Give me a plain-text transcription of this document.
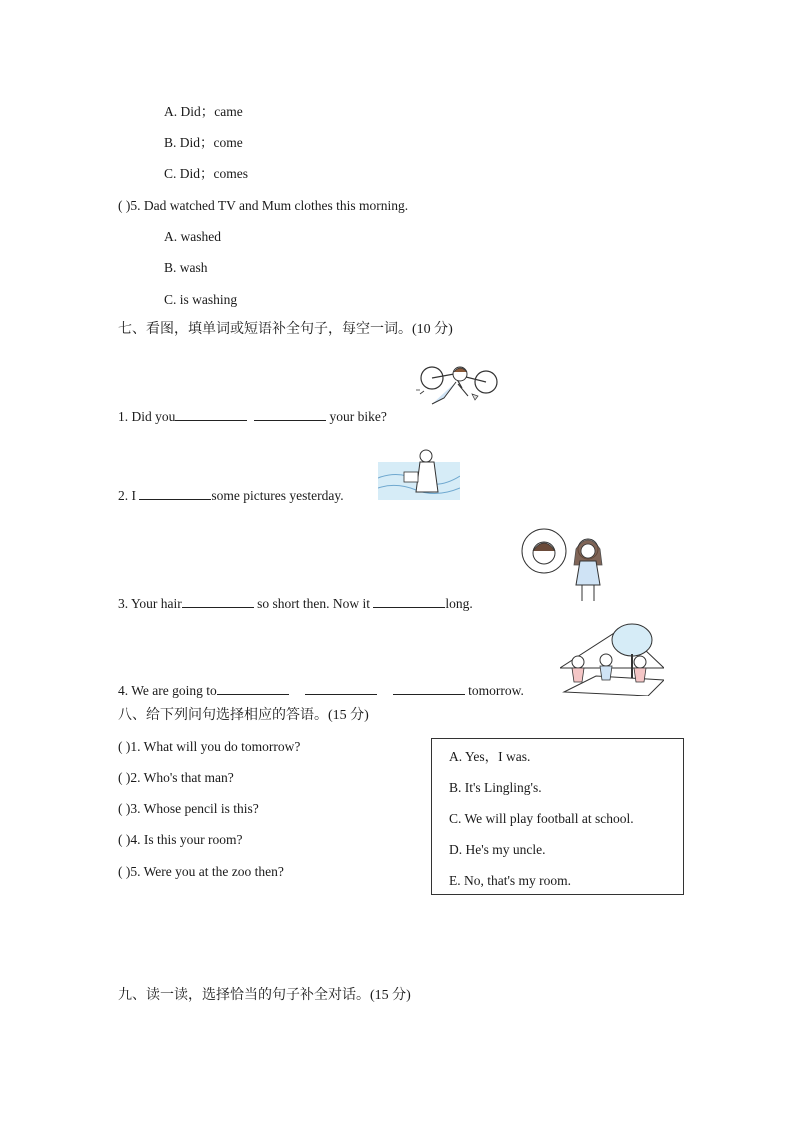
A. Did；came
B. Did；come
C. Did；comes
( )5. Dad watched TV and Mum clothes this morning.
A. washed
B. wash
C. is washing
七、看图，填单词或短语补全句子，每空一词。(10 分)
1. Did you	your bike?
2. I	some pictures yesterday.
3. Your hair	so short then. Now it	long.
4. We are going to	tomorrow.
八、给下列问句选择相应的答语。(15 分)
( )1. What will you do tomorrow?
( )2. Who's that man?
( )3. Whose pencil is this?
( )4. Is this your room?
( )5. Were you at the zoo then?
A. Yes，I was.
B. It's Lingling's.
C. We will play football at school.
D. He's my uncle.
E. No, that's my room.
九、读一读，选择恰当的句子补全对话。(15 分)
